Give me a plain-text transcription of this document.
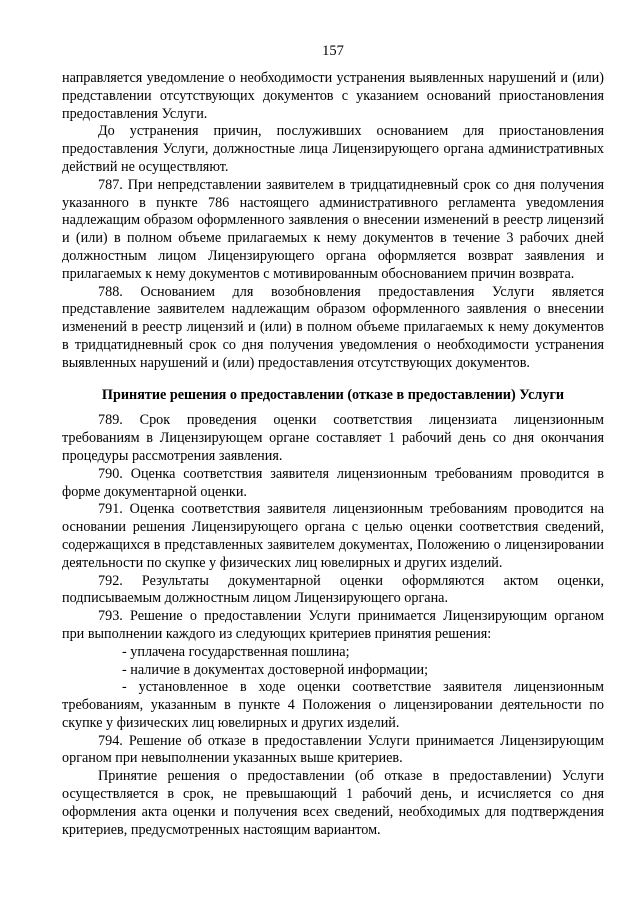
157

направляется уведомление о необходимости устранения выявленных нарушений и (или) представлении отсутствующих документов с указанием оснований приостановления предоставления Услуги.

До устранения причин, послуживших основанием для приостановления предоставления Услуги, должностные лица Лицензирующего органа административных действий не осуществляют.

787. При непредставлении заявителем в тридцатидневный срок со дня получения указанного в пункте 786 настоящего административного регламента уведомления надлежащим образом оформленного заявления о внесении изменений в реестр лицензий и (или) в полном объеме прилагаемых к нему документов в течение 3 рабочих дней должностным лицом Лицензирующего органа оформляется возврат заявления и прилагаемых к нему документов с мотивированным обоснованием причин возврата.

788. Основанием для возобновления предоставления Услуги является представление заявителем надлежащим образом оформленного заявления о внесении изменений в реестр лицензий и (или) в полном объеме прилагаемых к нему документов в тридцатидневный срок со дня получения уведомления о необходимости устранения выявленных нарушений и (или) предоставления отсутствующих документов.

Принятие решения о предоставлении (отказе в предоставлении) Услуги

789. Срок проведения оценки соответствия лицензиата лицензионным требованиям в Лицензирующем органе составляет 1 рабочий день со дня окончания процедуры рассмотрения заявления.

790. Оценка соответствия заявителя лицензионным требованиям проводится в форме документарной оценки.

791. Оценка соответствия заявителя лицензионным требованиям проводится на основании решения Лицензирующего органа с целью оценки соответствия сведений, содержащихся в представленных заявителем документах, Положению о лицензировании деятельности по скупке у физических лиц ювелирных и других изделий.

792. Результаты документарной оценки оформляются актом оценки, подписываемым должностным лицом Лицензирующего органа.

793. Решение о предоставлении Услуги принимается Лицензирующим органом при выполнении каждого из следующих критериев принятия решения:

- уплачена государственная пошлина;

- наличие в документах достоверной информации;

- установленное в ходе оценки соответствие заявителя лицензионным требованиям, указанным в пункте 4 Положения о лицензировании деятельности по скупке у физических лиц ювелирных и других изделий.

794. Решение об отказе в предоставлении Услуги принимается Лицензирующим органом при невыполнении указанных выше критериев.

Принятие решения о предоставлении (об отказе в предоставлении) Услуги осуществляется в срок, не превышающий 1 рабочий день, и исчисляется со дня оформления акта оценки и получения всех сведений, необходимых для подтверждения критериев, предусмотренных настоящим вариантом.
